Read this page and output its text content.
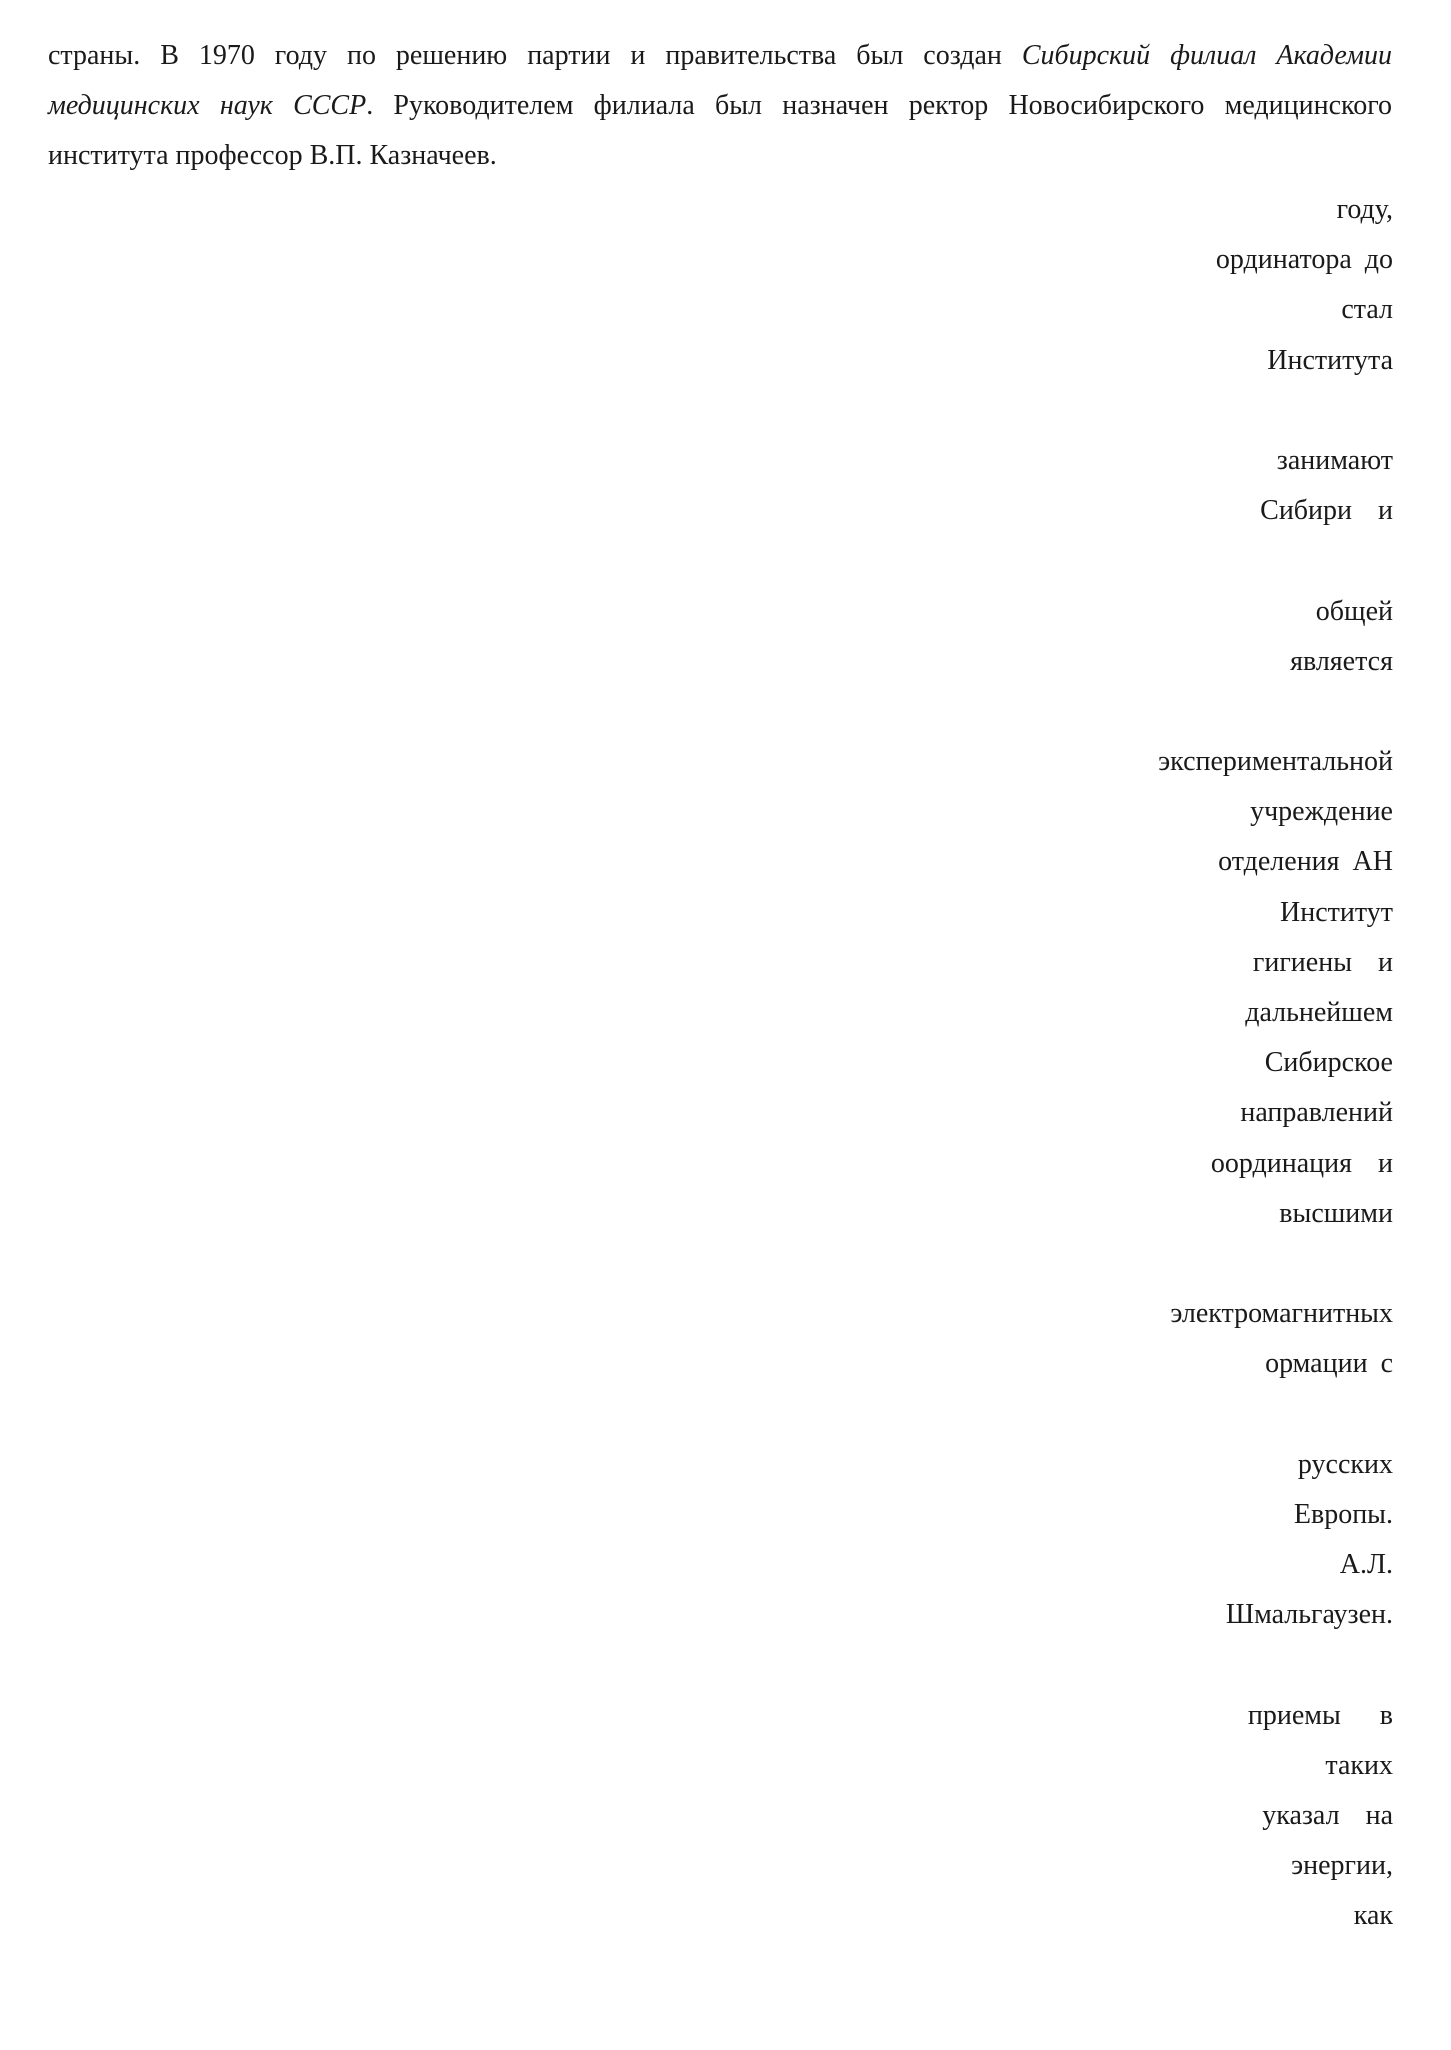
страны. В 1970 году по решению партии и правительства был создан Сибирский филиал Академии
медицинских наук СССР. Руководителем филиала был назначен ректор Новосибирского медицинского
института профессор В.П. Казначеев.

году,
ординатора до
стал
Института
занимают
Сибири  и
общей
является
экспериментальной
учреждение
отделения АН
Институт
гигиены  и
дальнейшем
Сибирское
направлений
оординация  и
высшими
электромагнитных
ормации с
русских
Европы.
А.Л.
Шмальгаузен.
приемы   в
таких
указал  на
энергии,
как
